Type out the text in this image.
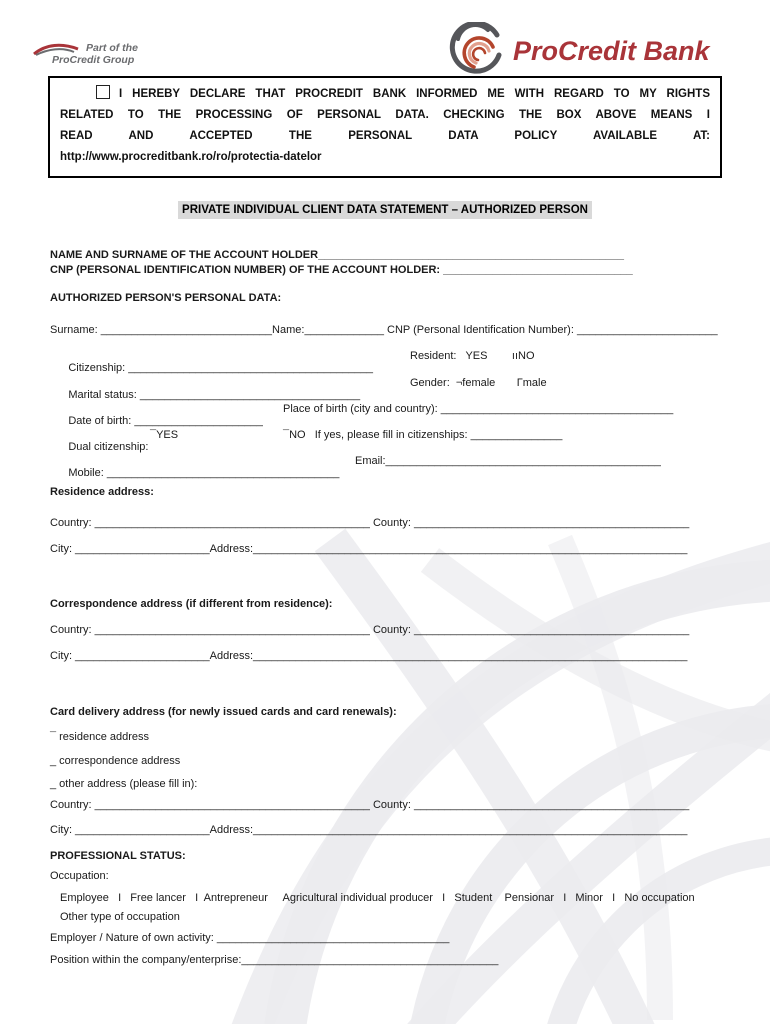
Part of the
ProCredit Group	ProCredit Bank
I HEREBY DECLARE THAT PROCREDIT BANK INFORMED ME WITH REGARD TO MY RIGHTS
RELATED TO THE PROCESSING OF PERSONAL DATA. CHECKING THE BOX ABOVE MEANS I
READ AND ACCEPTED THE PERSONAL DATA POLICY AVAILABLE AT:
http://www.procreditbank.ro/ro/protectia-datelor
PRIVATE INDIVIDUAL CLIENT DATA STATEMENT – AUTHORIZED PERSON
NAME AND SURNAME OF THE ACCOUNT HOLDER__________________________________________________
CNP (PERSONAL IDENTIFICATION NUMBER) OF THE ACCOUNT HOLDER: _______________________________
AUTHORIZED PERSON'S PERSONAL DATA:
Surname: ____________________________Name:_____________ CNP (Personal Identification Number): _______________________

Citizenship: ________________________________________

Resident:   YES        ııNO

Marital status: ____________________________________

Gender:  ¬female       Γmale

Date of birth: _____________________

Place of birth (city and country): ______________________________________

Dual citizenship:

¯YES

	¯NO   If yes, please fill in citizenships: _______________

Mobile: ______________________________________

Email:_____________________________________________

Residence address:
Country: _____________________________________________ County: _____________________________________________
City: ______________________Address:_______________________________________________________________________
Correspondence address (if different from residence):
Country: _____________________________________________ County: _____________________________________________
City: ______________________Address:_______________________________________________________________________
Card delivery address (for newly issued cards and card renewals):
¯ residence address
_ correspondence address
_ other address (please fill in):
Country: _____________________________________________ County: _____________________________________________
City: ______________________Address:_______________________________________________________________________
PROFESSIONAL STATUS:
Occupation:
Employee   I   Free lancer   I  Antrepreneur     Agricultural individual producer   I   Student    Pensionar   I   Minor   I   No occupation
Other type of occupation
Employer / Nature of own activity: ______________________________________
Position within the company/enterprise:__________________________________________
